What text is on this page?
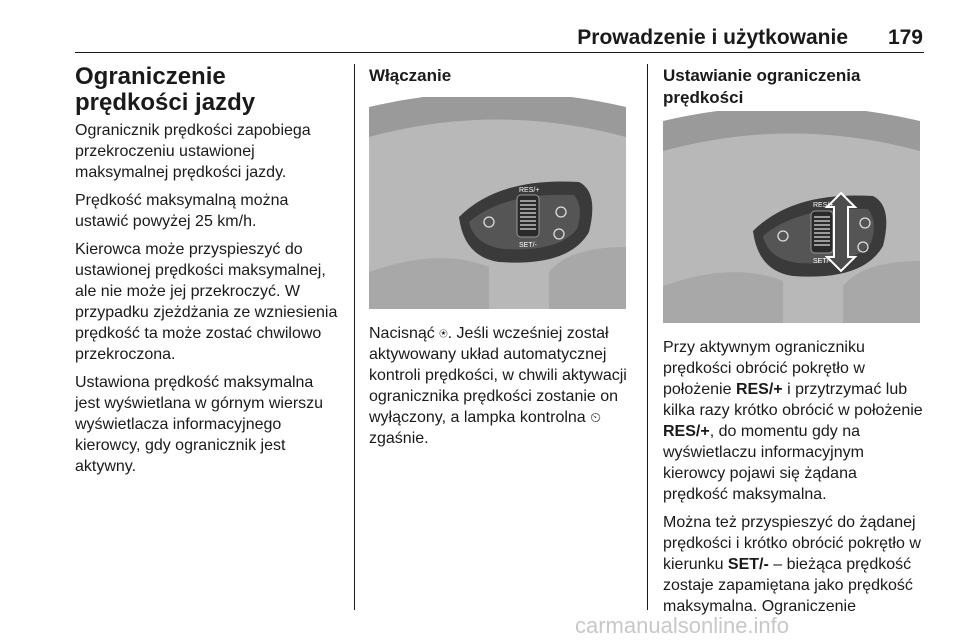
Prowadzenie i użytkowanie 179
Ograniczenie prędkości jazdy

Ogranicznik prędkości zapobiega przekroczeniu ustawionej maksymalnej prędkości jazdy.

Prędkość maksymalną można ustawić powyżej 25 km/h.

Kierowca może przyspieszyć do ustawionej prędkości maksymalnej, ale nie może jej przekroczyć. W przypadku zjeżdżania ze wzniesienia prędkość ta może zostać chwilowo przekroczona.

Ustawiona prędkość maksymalna jest wyświetlana w górnym wierszu wyświetlacza informacyjnego kierowcy, gdy ogranicznik jest aktywny.

Włączanie
RES/+
SET/-

Nacisnąć ⍟. Jeśli wcześniej został aktywowany układ automatycznej kontroli prędkości, w chwili aktywacji ogranicznika prędkości zostanie on wyłączony, a lampka kontrolna ⏲ zgaśnie.

Ustawianie ograniczenia prędkości
RES/+
SET/-

Przy aktywnym ograniczniku prędkości obrócić pokrętło w położenie RES/+ i przytrzymać lub kilka razy krótko obrócić w położenie RES/+, do momentu gdy na wyświetlaczu informacyjnym kierowcy pojawi się żądana prędkość maksymalna.

Można też przyspieszyć do żądanej prędkości i krótko obrócić pokrętło w kierunku SET/- – bieżąca prędkość zostaje zapamiętana jako prędkość maksymalna. Ograniczenie

carmanualsonline.info
